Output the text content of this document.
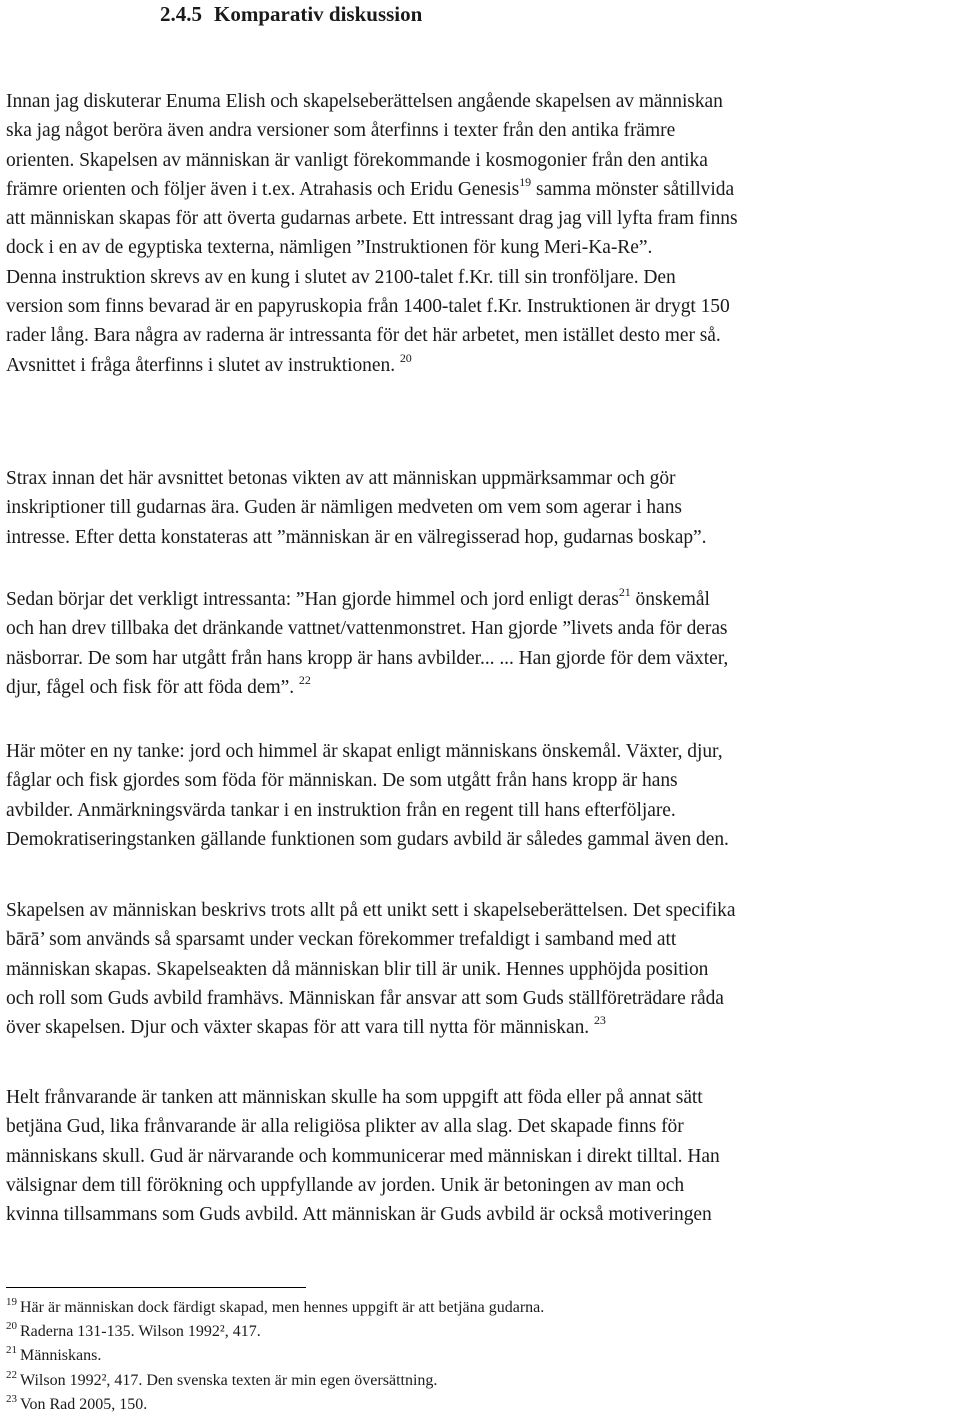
2.4.5 Komparativ diskussion

Innan jag diskuterar Enuma Elish och skapelseberättelsen angående skapelsen av människan
ska jag något beröra även andra versioner som återfinns i texter från den antika främre
orienten. Skapelsen av människan är vanligt förekommande i kosmogonier från den antika
främre orienten och följer även i t.ex. Atrahasis och Eridu Genesis$^{19}$ samma mönster såtillvida
att människan skapas för att överta gudarnas arbete. Ett intressant drag jag vill lyfta fram finns
dock i en av de egyptiska texterna, nämligen ”Instruktionen för kung Meri-Ka-Re”.
Denna instruktion skrevs av en kung i slutet av 2100-talet f.Kr. till sin tronföljare. Den
version som finns bevarad är en papyruskopia från 1400-talet f.Kr. Instruktionen är drygt 150
rader lång. Bara några av raderna är intressanta för det här arbetet, men istället desto mer så.
Avsnittet i fråga återfinns i slutet av instruktionen. $^{20}$

Strax innan det här avsnittet betonas vikten av att människan uppmärksammar och gör
inskriptioner till gudarnas ära. Guden är nämligen medveten om vem som agerar i hans
intresse. Efter detta konstateras att ”människan är en välregisserad hop, gudarnas boskap”.

Sedan börjar det verkligt intressanta: ”Han gjorde himmel och jord enligt deras$^{21}$ önskemål
och han drev tillbaka det dränkande vattnet/vattenmonstret. Han gjorde ”livets anda för deras
näsborrar. De som har utgått från hans kropp är hans avbilder... ... Han gjorde för dem växter,
djur, fågel och fisk för att föda dem”. $^{22}$

Här möter en ny tanke: jord och himmel är skapat enligt människans önskemål. Växter, djur,
fåglar och fisk gjordes som föda för människan. De som utgått från hans kropp är hans
avbilder. Anmärkningsvärda tankar i en instruktion från en regent till hans efterföljare.
Demokratiseringstanken gällande funktionen som gudars avbild är således gammal även den.

Skapelsen av människan beskrivs trots allt på ett unikt sett i skapelseberättelsen. Det specifika
bārā’ som används så sparsamt under veckan förekommer trefaldigt i samband med att
människan skapas. Skapelseakten då människan blir till är unik. Hennes upphöjda position
och roll som Guds avbild framhävs. Människan får ansvar att som Guds ställföreträdare råda
över skapelsen. Djur och växter skapas för att vara till nytta för människan. $^{23}$

Helt frånvarande är tanken att människan skulle ha som uppgift att föda eller på annat sätt
betjäna Gud, lika frånvarande är alla religiösa plikter av alla slag. Det skapade finns för
människans skull. Gud är närvarande och kommunicerar med människan i direkt tilltal. Han
välsignar dem till förökning och uppfyllande av jorden. Unik är betoningen av man och
kvinna tillsammans som Guds avbild. Att människan är Guds avbild är också motiveringen

$^{19}$ Här är människan dock färdigt skapad, men hennes uppgift är att betjäna gudarna.
$^{20}$ Raderna 131-135. Wilson 1992², 417.
$^{21}$ Människans.
$^{22}$ Wilson 1992², 417. Den svenska texten är min egen översättning.
$^{23}$ Von Rad 2005, 150.
